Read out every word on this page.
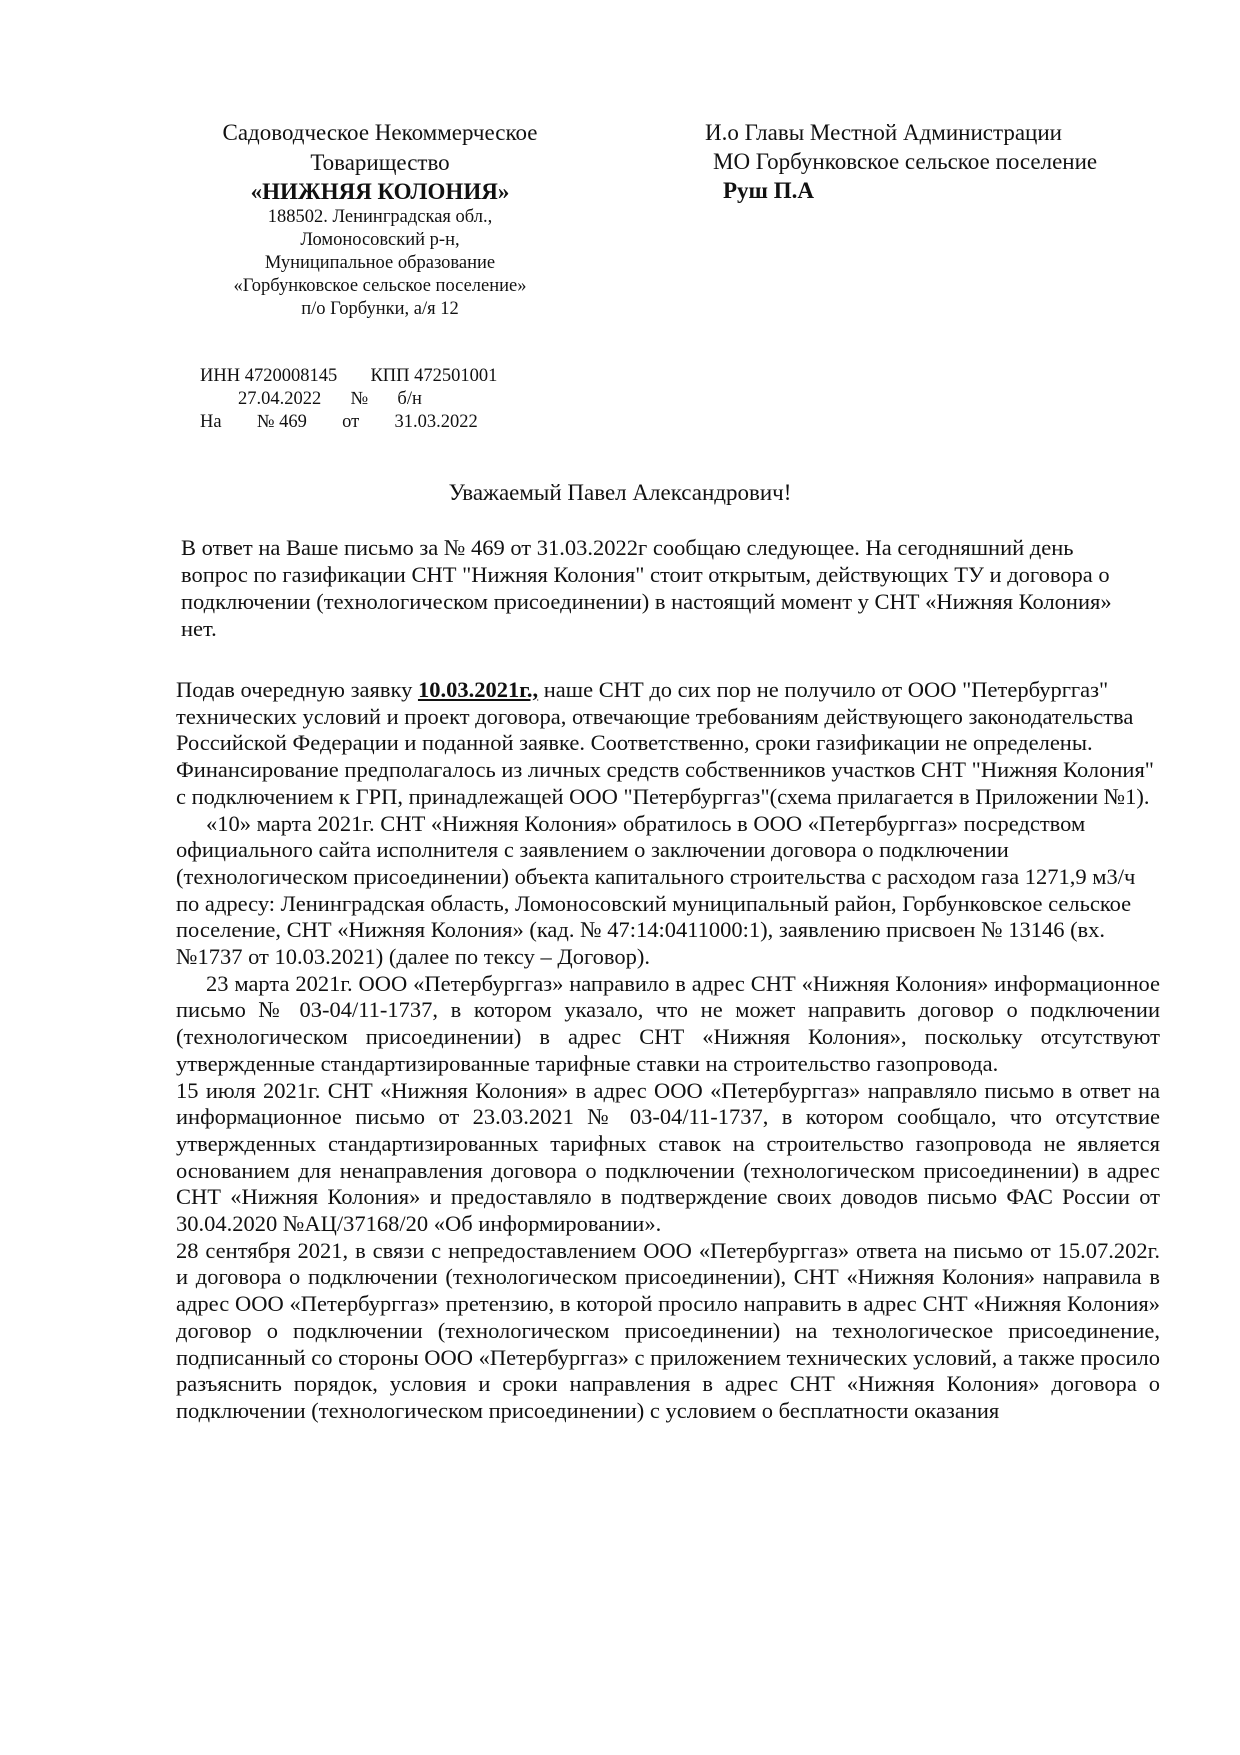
Садоводческое Некоммерческое
Товарищество
«НИЖНЯЯ КОЛОНИЯ»
188502. Ленинградская обл.,
Ломоносовский р-н,
Муниципальное образование
«Горбунковское сельское поселение»
п/о Горбунки, а/я 12
ИНН 4720008145 КПП 472501001
27.04.2022 № б/н
На № 469 от 31.03.2022
И.о Главы Местной Администрации
МО Горбунковское сельское поселение
Руш П.А
Уважаемый Павел Александрович!
В ответ на Ваше письмо за № 469 от 31.03.2022г сообщаю следующее. На сегодняшний день вопрос по газификации СНТ "Нижняя Колония" стоит открытым, действующих ТУ и договора о подключении (технологическом присоединении) в настоящий момент у СНТ «Нижняя Колония» нет.
Подав очередную заявку 10.03.2021г., наше СНТ до сих пор не получило от ООО "Петербурггаз" технических условий и проект договора, отвечающие требованиям действующего законодательства Российской Федерации и поданной заявке. Соответственно, сроки газификации не определены. Финансирование предполагалось из личных средств собственников участков СНТ "Нижняя Колония" с подключением к ГРП, принадлежащей ООО "Петербурггаз"(схема прилагается в Приложении №1).
«10» марта 2021г. СНТ «Нижняя Колония» обратилось в ООО «Петербурггаз» посредством официального сайта исполнителя с заявлением о заключении договора о подключении (технологическом присоединении) объекта капитального строительства с расходом газа 1271,9 м3/ч по адресу: Ленинградская область, Ломоносовский муниципальный район, Горбунковское сельское поселение, СНТ «Нижняя Колония» (кад. № 47:14:0411000:1), заявлению присвоен № 13146 (вх.№1737 от 10.03.2021) (далее по тексу – Договор).
23 марта 2021г. ООО «Петербурггаз» направило в адрес СНТ «Нижняя Колония» информационное письмо № 03-04/11-1737, в котором указало, что не может направить договор о подключении (технологическом присоединении) в адрес СНТ «Нижняя Колония», поскольку отсутствуют утвержденные стандартизированные тарифные ставки на строительство газопровода.
15 июля 2021г. СНТ «Нижняя Колония» в адрес ООО «Петербурггаз» направляло письмо в ответ на информационное письмо от 23.03.2021 № 03-04/11-1737, в котором сообщало, что отсутствие утвержденных стандартизированных тарифных ставок на строительство газопровода не является основанием для ненаправления договора о подключении (технологическом присоединении) в адрес СНТ «Нижняя Колония» и предоставляло в подтверждение своих доводов письмо ФАС России от 30.04.2020 №АЦ/37168/20 «Об информировании».
28 сентября 2021, в связи с непредоставлением ООО «Петербурггаз» ответа на письмо от 15.07.202г. и договора о подключении (технологическом присоединении), СНТ «Нижняя Колония» направила в адрес ООО «Петербурггаз» претензию, в которой просило направить в адрес СНТ «Нижняя Колония» договор о подключении (технологическом присоединении) на технологическое присоединение, подписанный со стороны ООО «Петербурггаз» с приложением технических условий, а также просило разъяснить порядок, условия и сроки направления в адрес СНТ «Нижняя Колония» договора о подключении (технологическом присоединении) с условием о бесплатности оказания
